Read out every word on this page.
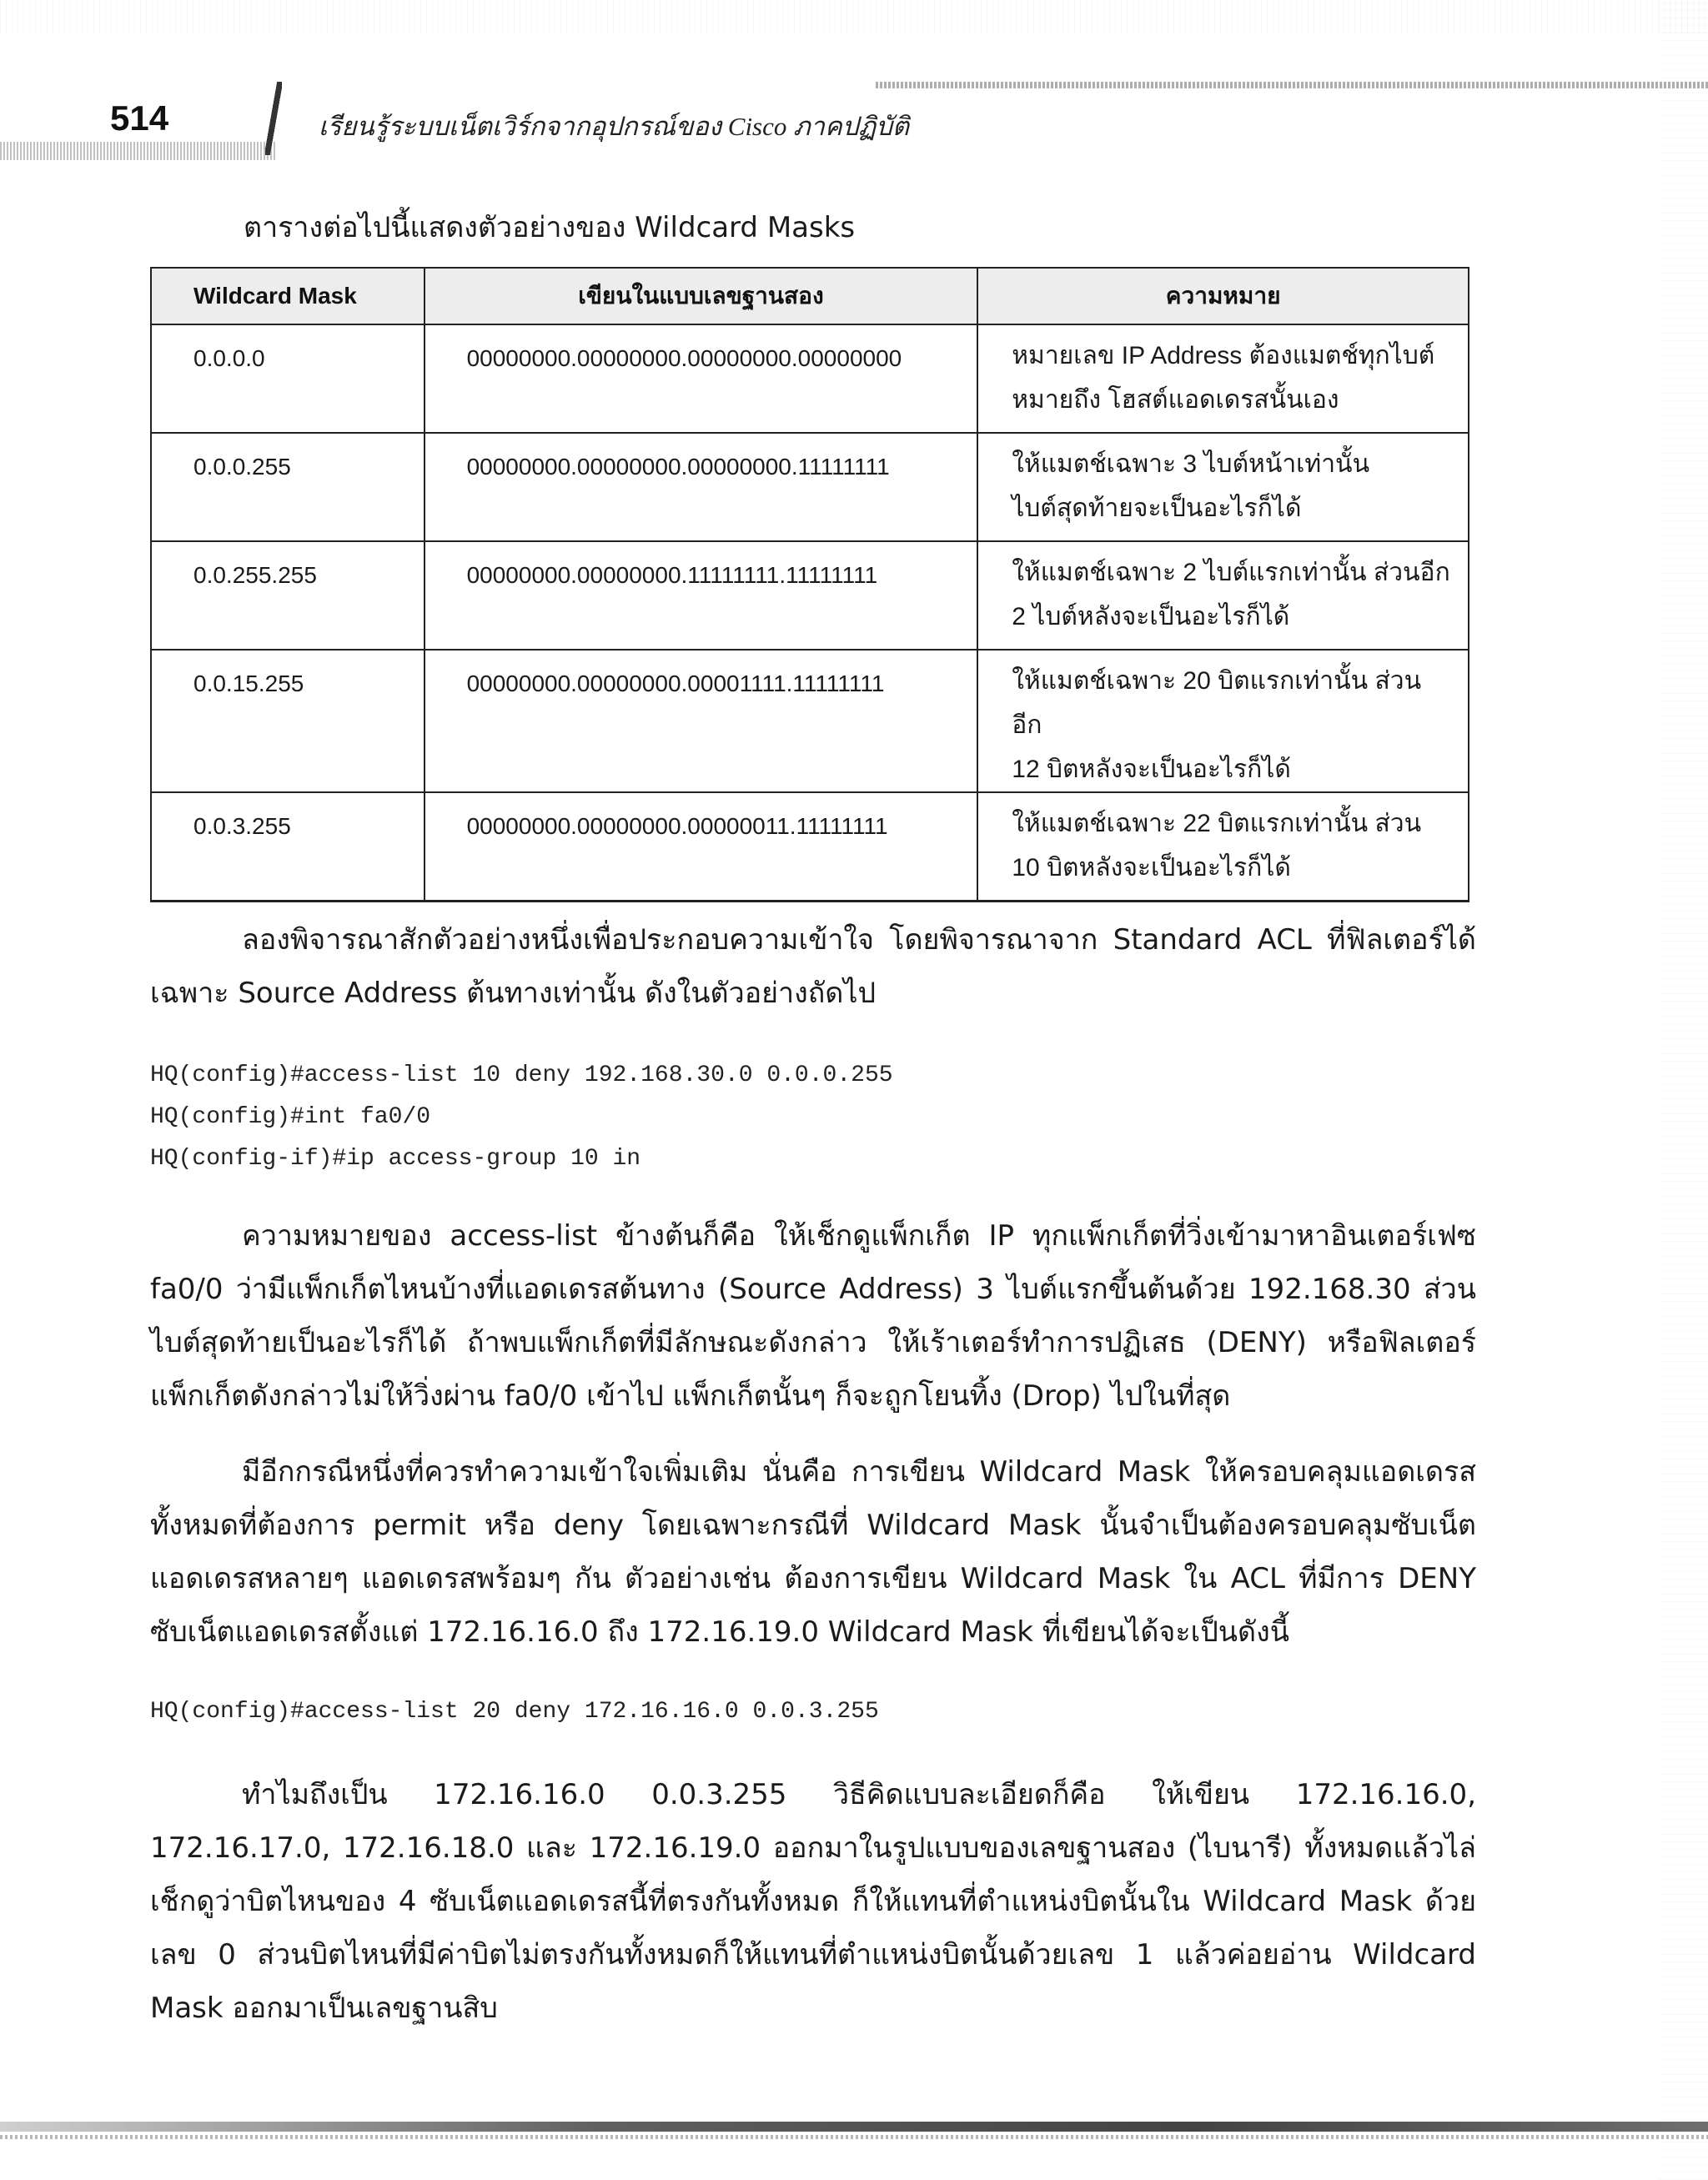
514	เรียนรู้ระบบเน็ตเวิร์กจากอุปกรณ์ของ Cisco ภาคปฏิบัติ
ตารางต่อไปนี้แสดงตัวอย่างของ Wildcard Masks
Wildcard Mask	เขียนในแบบเลขฐานสอง	ความหมาย
0.0.0.0	00000000.00000000.00000000.00000000	หมายเลข IP Address ต้องแมตช์ทุกไบต์
หมายถึง โฮสต์แอดเดรสนั้นเอง
0.0.0.255	00000000.00000000.00000000.11111111	ให้แมตช์เฉพาะ 3 ไบต์หน้าเท่านั้น
ไบต์สุดท้ายจะเป็นอะไรก็ได้
0.0.255.255	00000000.00000000.11111111.11111111	ให้แมตช์เฉพาะ 2 ไบต์แรกเท่านั้น ส่วนอีก
2 ไบต์หลังจะเป็นอะไรก็ได้
0.0.15.255	00000000.00000000.00001111.11111111	ให้แมตช์เฉพาะ 20 บิตแรกเท่านั้น ส่วนอีก
12 บิตหลังจะเป็นอะไรก็ได้
0.0.3.255	00000000.00000000.00000011.11111111	ให้แมตช์เฉพาะ 22 บิตแรกเท่านั้น ส่วน
10 บิตหลังจะเป็นอะไรก็ได้

ลองพิจารณาสักตัวอย่างหนึ่งเพื่อประกอบความเข้าใจ โดยพิจารณาจาก Standard ACL ที่ฟิลเตอร์ได้เฉพาะ Source Address ต้นทางเท่านั้น ดังในตัวอย่างถัดไป

HQ(config)#access-list 10 deny 192.168.30.0 0.0.0.255
HQ(config)#int fa0/0
HQ(config-if)#ip access-group 10 in

ความหมายของ access-list ข้างต้นก็คือ ให้เช็กดูแพ็กเก็ต IP ทุกแพ็กเก็ตที่วิ่งเข้ามาหาอินเตอร์เฟซ fa0/0 ว่ามีแพ็กเก็ตไหนบ้างที่แอดเดรสต้นทาง (Source Address) 3 ไบต์แรกขึ้นต้นด้วย 192.168.30 ส่วนไบต์สุดท้ายเป็นอะไรก็ได้ ถ้าพบแพ็กเก็ตที่มีลักษณะดังกล่าว ให้เร้าเตอร์ทำการปฏิเสธ (DENY) หรือฟิลเตอร์แพ็กเก็ตดังกล่าวไม่ให้วิ่งผ่าน fa0/0 เข้าไป แพ็กเก็ตนั้นๆ ก็จะถูกโยนทิ้ง (Drop) ไปในที่สุด

มีอีกกรณีหนึ่งที่ควรทำความเข้าใจเพิ่มเติม นั่นคือ การเขียน Wildcard Mask ให้ครอบคลุมแอดเดรสทั้งหมดที่ต้องการ permit หรือ deny โดยเฉพาะกรณีที่ Wildcard Mask นั้นจำเป็นต้องครอบคลุมซับเน็ตแอดเดรสหลายๆ แอดเดรสพร้อมๆ กัน ตัวอย่างเช่น ต้องการเขียน Wildcard Mask ใน ACL ที่มีการ DENY ซับเน็ตแอดเดรสตั้งแต่ 172.16.16.0 ถึง 172.16.19.0 Wildcard Mask ที่เขียนได้จะเป็นดังนี้

HQ(config)#access-list 20 deny 172.16.16.0 0.0.3.255

ทำไมถึงเป็น 172.16.16.0 0.0.3.255 วิธีคิดแบบละเอียดก็คือ ให้เขียน 172.16.16.0, 172.16.17.0, 172.16.18.0 และ 172.16.19.0 ออกมาในรูปแบบของเลขฐานสอง (ไบนารี) ทั้งหมดแล้วไล่เช็กดูว่าบิตไหนของ 4 ซับเน็ตแอดเดรสนี้ที่ตรงกันทั้งหมด ก็ให้แทนที่ตำแหน่งบิตนั้นใน Wildcard Mask ด้วยเลข 0 ส่วนบิตไหนที่มีค่าบิตไม่ตรงกันทั้งหมดก็ให้แทนที่ตำแหน่งบิตนั้นด้วยเลข 1 แล้วค่อยอ่าน Wildcard Mask ออกมาเป็นเลขฐานสิบ
